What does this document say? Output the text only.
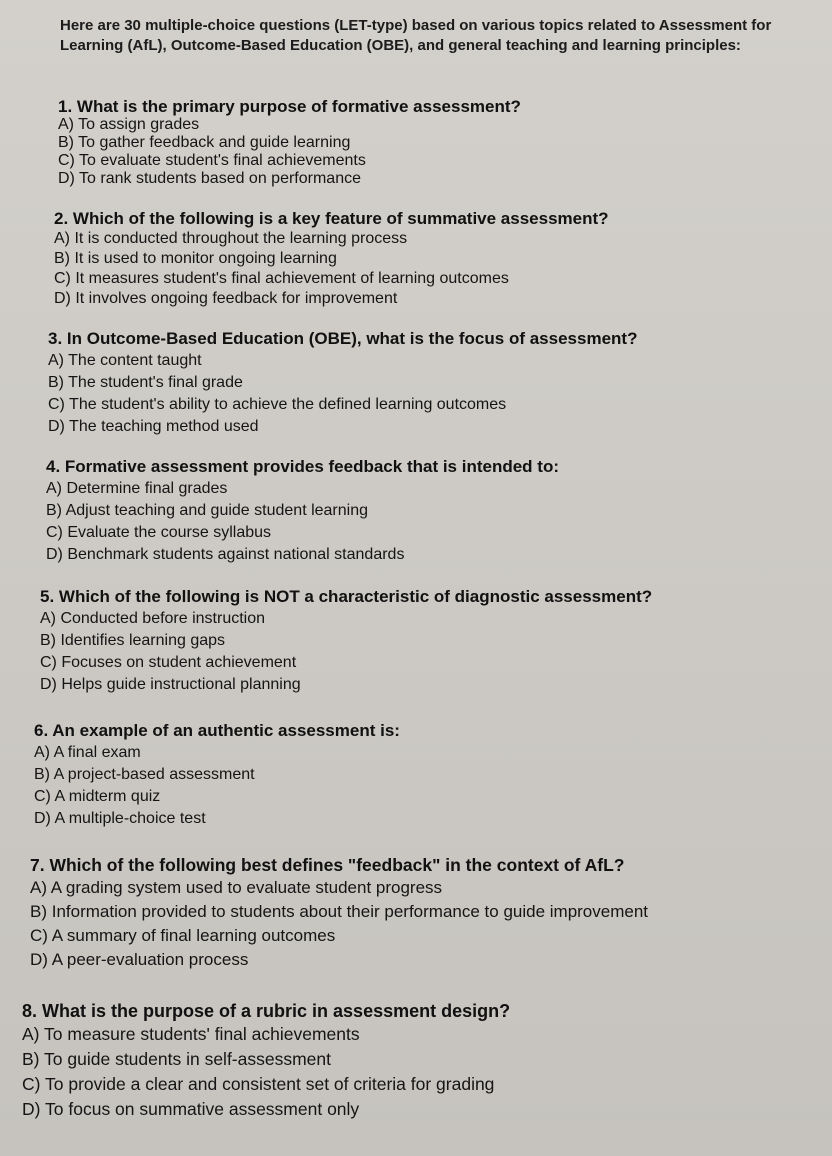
Here are 30 multiple-choice questions (LET-type) based on various topics related to Assessment for Learning (AfL), Outcome-Based Education (OBE), and general teaching and learning principles:
1. What is the primary purpose of formative assessment?
A) To assign grades
B) To gather feedback and guide learning
C) To evaluate student's final achievements
D) To rank students based on performance
2. Which of the following is a key feature of summative assessment?
A) It is conducted throughout the learning process
B) It is used to monitor ongoing learning
C) It measures student's final achievement of learning outcomes
D) It involves ongoing feedback for improvement
3. In Outcome-Based Education (OBE), what is the focus of assessment?
A) The content taught
B) The student's final grade
C) The student's ability to achieve the defined learning outcomes
D) The teaching method used
4. Formative assessment provides feedback that is intended to:
A) Determine final grades
B) Adjust teaching and guide student learning
C) Evaluate the course syllabus
D) Benchmark students against national standards
5. Which of the following is NOT a characteristic of diagnostic assessment?
A) Conducted before instruction
B) Identifies learning gaps
C) Focuses on student achievement
D) Helps guide instructional planning
6. An example of an authentic assessment is:
A) A final exam
B) A project-based assessment
C) A midterm quiz
D) A multiple-choice test
7. Which of the following best defines "feedback" in the context of AfL?
A) A grading system used to evaluate student progress
B) Information provided to students about their performance to guide improvement
C) A summary of final learning outcomes
D) A peer-evaluation process
8. What is the purpose of a rubric in assessment design?
A) To measure students' final achievements
B) To guide students in self-assessment
C) To provide a clear and consistent set of criteria for grading
D) To focus on summative assessment only
